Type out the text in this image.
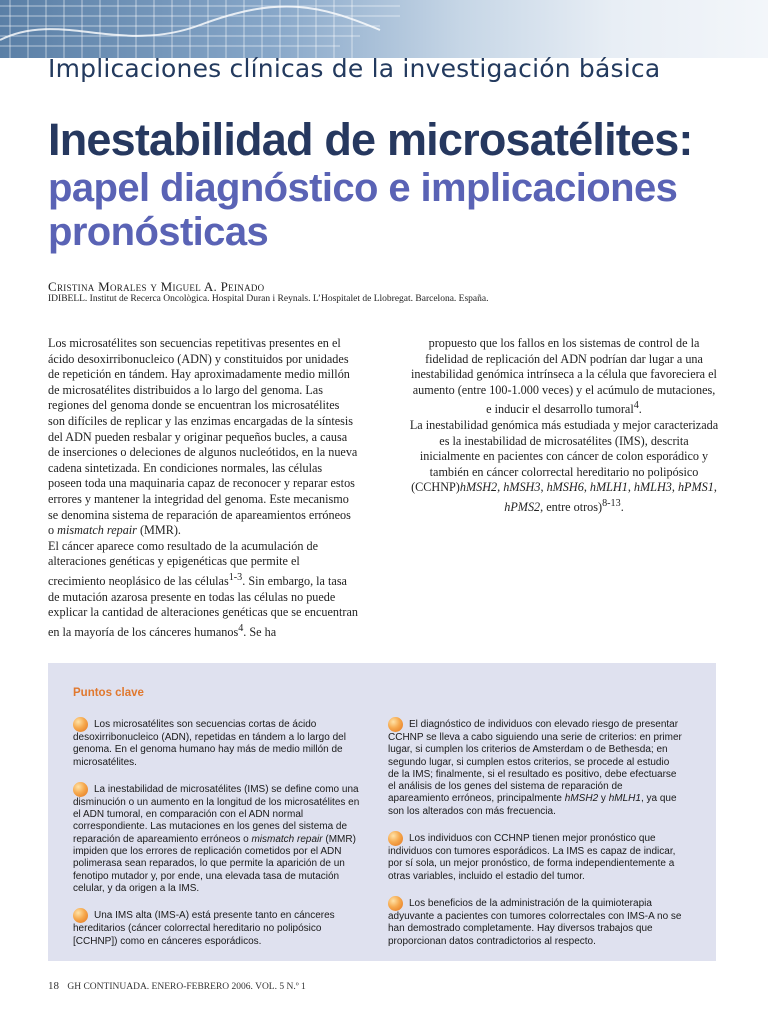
Implicaciones clínicas de la investigación básica
Inestabilidad de microsatélites:
papel diagnóstico e implicaciones pronósticas
Cristina Morales y Miguel A. Peinado
IDIBELL. Institut de Recerca Oncològica. Hospital Duran i Reynals. L’Hospitalet de Llobregat. Barcelona. España.

Los microsatélites son secuencias repetitivas presentes en el ácido desoxirribonucleico (ADN) y constituidos por unidades de repetición en tándem. Hay aproximadamente medio millón de microsatélites distribuidos a lo largo del genoma. Las regiones del genoma donde se encuentran los microsatélites son difíciles de replicar y las enzimas encargadas de la síntesis del ADN pueden resbalar y originar pequeños bucles, a causa de inserciones o deleciones de algunos nucleótidos, en la nueva cadena sintetizada. En condiciones normales, las células poseen toda una maquinaria capaz de reconocer y reparar estos errores y mantener la integridad del genoma. Este mecanismo se denomina sistema de reparación de apareamientos erróneos o mismatch repair (MMR).

El cáncer aparece como resultado de la acumulación de alteraciones genéticas y epigenéticas que permite el crecimiento neoplásico de las células$^{1-3}$. Sin embargo, la tasa de mutación azarosa presente en todas las células no puede explicar la cantidad de alteraciones genéticas que se encuentran en la mayoría de los cánceres humanos$^4$. Se ha

propuesto que los fallos en los sistemas de control de la fidelidad de replicación del ADN podrían dar lugar a una inestabilidad genómica intrínseca a la célula que favoreciera el aumento (entre 100-1.000 veces) y el acúmulo de mutaciones, e inducir el desarrollo tumoral$^4$.

La inestabilidad genómica más estudiada y mejor caracterizada es la inestabilidad de microsatélites (IMS), descrita inicialmente en pacientes con cáncer de colon esporádico y también en cáncer colorrectal hereditario no polipósico (CCHNP)hMSH2, hMSH3, hMSH6, hMLH1, hMLH3, hPMS1, hPMS2, entre otros)$^{8-13}$.

Puntos clave

Los microsatélites son secuencias cortas de ácido desoxirribonucleico (ADN), repetidas en tándem a lo largo del genoma. En el genoma humano hay más de medio millón de microsatélites.

La inestabilidad de microsatélites (IMS) se define como una disminución o un aumento en la longitud de los microsatélites en el ADN tumoral, en comparación con el ADN normal correspondiente. Las mutaciones en los genes del sistema de reparación de apareamiento erróneos o mismatch repair (MMR) impiden que los errores de replicación cometidos por el ADN polimerasa sean reparados, lo que permite la aparición de un fenotipo mutador y, por ende, una elevada tasa de mutación celular, y da origen a la IMS.

Una IMS alta (IMS-A) está presente tanto en cánceres hereditarios (cáncer colorrectal hereditario no polipósico [CCHNP]) como en cánceres esporádicos.

El diagnóstico de individuos con elevado riesgo de presentar CCHNP se lleva a cabo siguiendo una serie de criterios: en primer lugar, si cumplen los criterios de Amsterdam o de Bethesda; en segundo lugar, si cumplen estos criterios, se procede al estudio de la IMS; finalmente, si el resultado es positivo, debe efectuarse el análisis de los genes del sistema de reparación de apareamiento erróneos, principalmente hMSH2 y hMLH1, ya que son los alterados con más frecuencia.

Los individuos con CCHNP tienen mejor pronóstico que individuos con tumores esporádicos. La IMS es capaz de indicar, por sí sola, un mejor pronóstico, de forma independientemente a otras variables, incluido el estadio del tumor.

Los beneficios de la administración de la quimioterapia adyuvante a pacientes con tumores colorrectales con IMS-A no se han demostrado completamente. Hay diversos trabajos que proporcionan datos contradictorios al respecto.

18 GH CONTINUADA. ENERO-FEBRERO 2006. VOL. 5 N.º 1
